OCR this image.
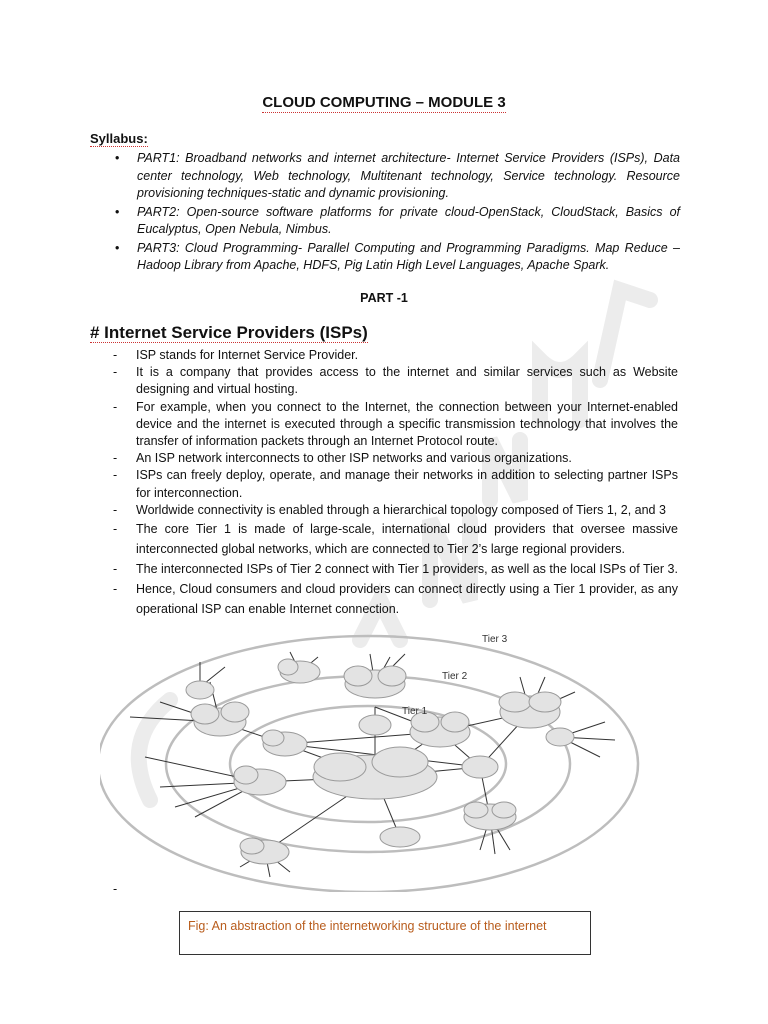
CLOUD COMPUTING – MODULE 3
Syllabus:
• PART1: Broadband networks and internet architecture- Internet Service Providers (ISPs), Data center technology, Web technology, Multitenant technology, Service technology. Resource provisioning techniques-static and dynamic provisioning.
• PART2: Open-source software platforms for private cloud-OpenStack, CloudStack, Basics of Eucalyptus, Open Nebula, Nimbus.
• PART3: Cloud Programming- Parallel Computing and Programming Paradigms. Map Reduce – Hadoop Library from Apache, HDFS, Pig Latin High Level Languages, Apache Spark.
PART -1
# Internet Service Providers (ISPs)
- ISP stands for Internet Service Provider.
- It is a company that provides access to the internet and similar services such as Website designing and virtual hosting.
- For example, when you connect to the Internet, the connection between your Internet-enabled device and the internet is executed through a specific transmission technology that involves the transfer of information packets through an Internet Protocol route.
- An ISP network interconnects to other ISP networks and various organizations.
- ISPs can freely deploy, operate, and manage their networks in addition to selecting partner ISPs for interconnection.
- Worldwide connectivity is enabled through a hierarchical topology composed of Tiers 1, 2, and 3
- The core Tier 1 is made of large-scale, international cloud providers that oversee massive interconnected global networks, which are connected to Tier 2’s large regional providers.
- The interconnected ISPs of Tier 2 connect with Tier 1 providers, as well as the local ISPs of Tier 3.
- Hence, Cloud consumers and cloud providers can connect directly using a Tier 1 provider, as any operational ISP can enable Internet connection.
Tier 3
Tier 2
Tier 1
-
Fig: An abstraction of the internetworking structure of the internet
